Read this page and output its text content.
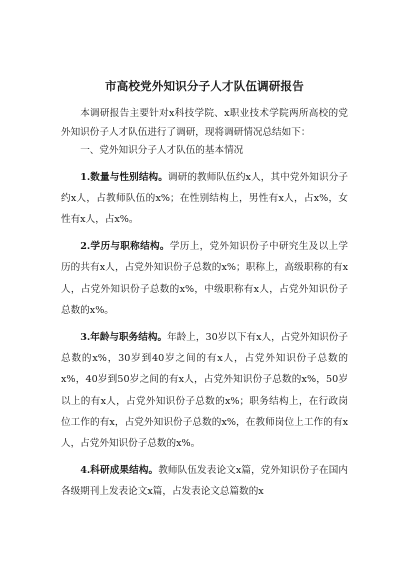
市高校党外知识分子人才队伍调研报告

本调研报告主要针对x科技学院、x职业技术学院两所高校的党外知识份子人才队伍进行了调研，现将调研情况总结如下：

一、党外知识分子人才队伍的基本情况

1.数量与性别结构。调研的教师队伍约x人，其中党外知识分子约x人，占教师队伍的x%；在性别结构上，男性有x人，占x%，女性有x人，占x%。

2.学历与职称结构。学历上，党外知识份子中研究生及以上学历的共有x人，占党外知识份子总数的x%；职称上，高级职称的有x人，占党外知识份子总数的x%，中级职称有x人，占党外知识份子总数的x%。

3.年龄与职务结构。年龄上，30岁以下有x人，占党外知识份子总数的x%，30岁到40岁之间的有x人，占党外知识份子总数的x%，40岁到50岁之间的有x人，占党外知识份子总数的x%，50岁以上的有x人，占党外知识份子总数的x%；职务结构上，在行政岗位工作的有x，占党外知识份子总数的x%，在教师岗位上工作的有x人，占党外知识份子总数的x%。

4.科研成果结构。教师队伍发表论文x篇，党外知识份子在国内各级期刊上发表论文x篇，占发表论文总篇数的x
